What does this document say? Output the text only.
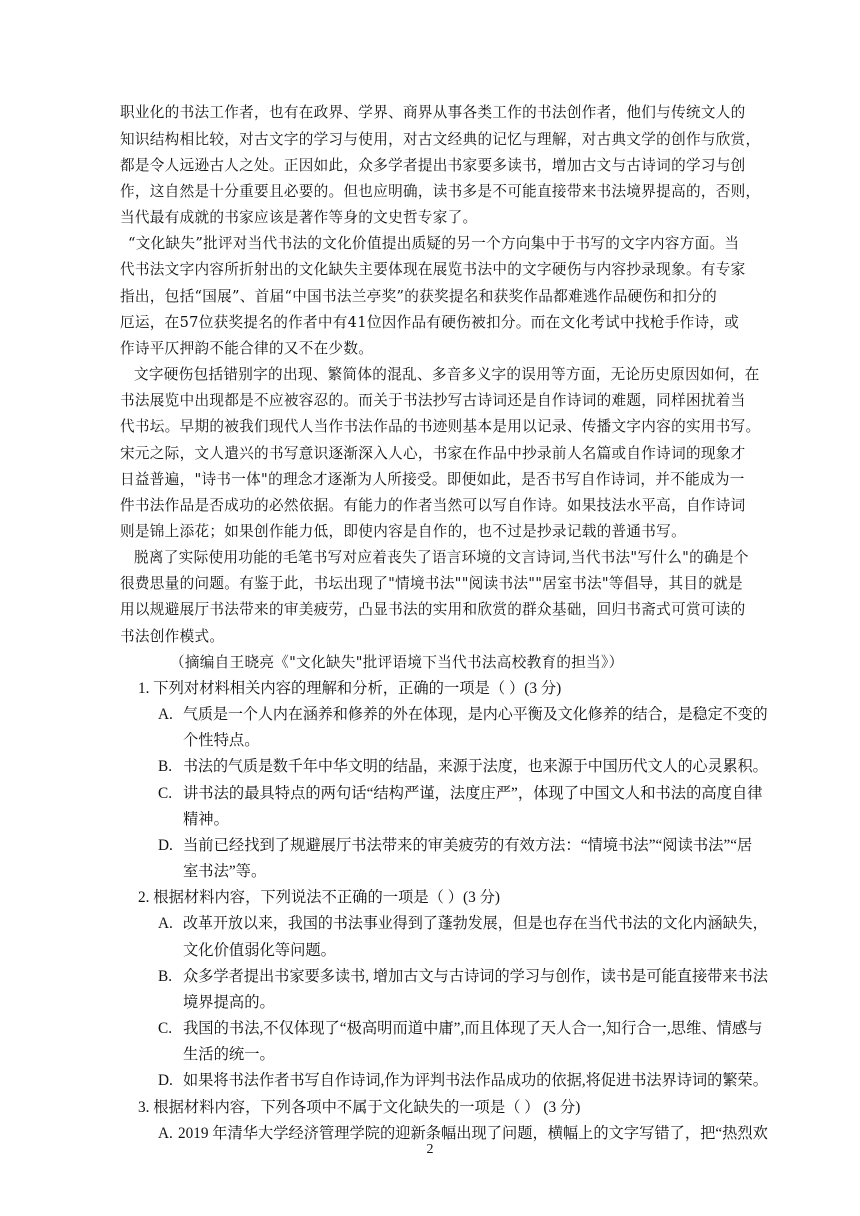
职业化的书法工作者，也有在政界、学界、商界从事各类工作的书法创作者，他们与传统文人的
知识结构相比较，对古文字的学习与使用，对古文经典的记忆与理解，对古典文学的创作与欣赏，
都是令人远逊古人之处。正因如此，众多学者提出书家要多读书，增加古文与古诗词的学习与创
作，这自然是十分重要且必要的。但也应明确，读书多是不可能直接带来书法境界提高的，否则，
当代最有成就的书家应该是著作等身的文史哲专家了。
“文化缺失”批评对当代书法的文化价值提出质疑的另一个方向集中于书写的文字内容方面。当
代书法文字内容所折射出的文化缺失主要体现在展览书法中的文字硬伤与内容抄录现象。有专家
指出，包括“国展”、首届“中国书法兰亭奖”的获奖提名和获奖作品都难逃作品硬伤和扣分的
厄运，在57位获奖提名的作者中有41位因作品有硬伤被扣分。而在文化考试中找枪手作诗，或
作诗平仄押韵不能合律的又不在少数。
文字硬伤包括错别字的出现、繁简体的混乱、多音多义字的误用等方面，无论历史原因如何，在
书法展览中出现都是不应被容忍的。而关于书法抄写古诗词还是自作诗词的难题，同样困扰着当
代书坛。早期的被我们现代人当作书法作品的书迹则基本是用以记录、传播文字内容的实用书写。
宋元之际，文人遣兴的书写意识逐渐深入人心，书家在作品中抄录前人名篇或自作诗词的现象才
日益普遍，"诗书一体"的理念才逐渐为人所接受。即便如此，是否书写自作诗词，并不能成为一
件书法作品是否成功的必然依据。有能力的作者当然可以写自作诗。如果技法水平高，自作诗词
则是锦上添花；如果创作能力低，即使内容是自作的，也不过是抄录记载的普通书写。
脱离了实际使用功能的毛笔书写对应着丧失了语言环境的文言诗词,当代书法"写什么"的确是个
很费思量的问题。有鉴于此，书坛出现了"情境书法""阅读书法""居室书法"等倡导，其目的就是
用以规避展厅书法带来的审美疲劳，凸显书法的实用和欣赏的群众基础，回归书斋式可赏可读的
书法创作模式。
（摘编自王晓亮《"文化缺失"批评语境下当代书法高校教育的担当》）
1. 下列对材料相关内容的理解和分析，正确的一项是（ ）(3 分)
A. 气质是一个人内在涵养和修养的外在体现，是内心平衡及文化修养的结合，是稳定不变的
个性特点。
B. 书法的气质是数千年中华文明的结晶，来源于法度，也来源于中国历代文人的心灵累积。
C. 讲书法的最具特点的两句话“结构严谨，法度庄严”，体现了中国文人和书法的高度自律
精神。
D. 当前已经找到了规避展厅书法带来的审美疲劳的有效方法：“情境书法”“阅读书法”“居
室书法”等。
2. 根据材料内容，下列说法不正确的一项是（ ）(3 分)
A. 改革开放以来，我国的书法事业得到了蓬勃发展，但是也存在当代书法的文化内涵缺失，
文化价值弱化等问题。
B. 众多学者提出书家要多读书, 增加古文与古诗词的学习与创作，读书是可能直接带来书法
境界提高的。
C. 我国的书法,不仅体现了“极高明而道中庸”,而且体现了天人合一,知行合一,思维、情感与
生活的统一。
D. 如果将书法作者书写自作诗词,作为评判书法作品成功的依据,将促进书法界诗词的繁荣。
3. 根据材料内容，下列各项中不属于文化缺失的一项是（ ） (3 分)
A. 2019 年清华大学经济管理学院的迎新条幅出现了问题，横幅上的文字写错了，把“热烈欢
2
